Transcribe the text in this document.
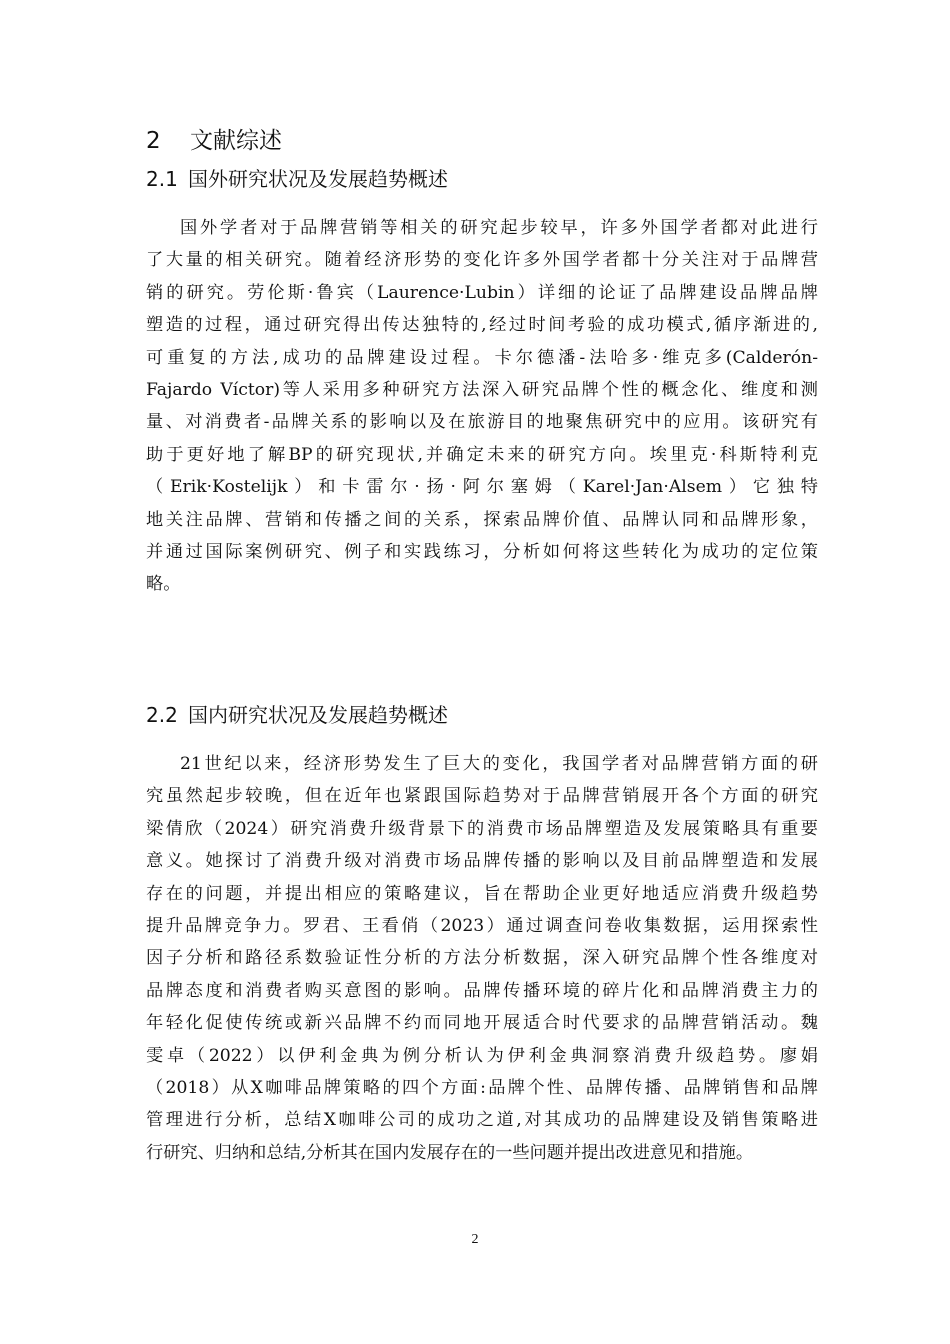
2 文献综述
2.1 国外研究状况及发展趋势概述
国外学者对于品牌营销等相关的研究起步较早，许多外国学者都对此进行
了大量的相关研究。随着经济形势的变化许多外国学者都十分关注对于品牌营
销的研究。劳伦斯·鲁宾（Laurence·Lubin）详细的论证了品牌建设品牌品牌
塑造的过程，通过研究得出传达独特的,经过时间考验的成功模式,循序渐进的,
可重复的方法,成功的品牌建设过程。卡尔德潘-法哈多·维克多(Calderón-
Fajardo Víctor)等人采用多种研究方法深入研究品牌个性的概念化、维度和测
量、对消费者-品牌关系的影响以及在旅游目的地聚焦研究中的应用。该研究有
助于更好地了解BP的研究现状,并确定未来的研究方向。埃里克·科斯特利克
（Erik·Kostelijk）和卡雷尔·扬·阿尔塞姆（Karel·Jan·Alsem）它独特
地关注品牌、营销和传播之间的关系，探索品牌价值、品牌认同和品牌形象，
并通过国际案例研究、例子和实践练习，分析如何将这些转化为成功的定位策
略。
2.2 国内研究状况及发展趋势概述
21世纪以来，经济形势发生了巨大的变化，我国学者对品牌营销方面的研
究虽然起步较晚，但在近年也紧跟国际趋势对于品牌营销展开各个方面的研究
梁倩欣（2024）研究消费升级背景下的消费市场品牌塑造及发展策略具有重要
意义。她探讨了消费升级对消费市场品牌传播的影响以及目前品牌塑造和发展
存在的问题，并提出相应的策略建议，旨在帮助企业更好地适应消费升级趋势
提升品牌竞争力。罗君、王看俏（2023）通过调查问卷收集数据，运用探索性
因子分析和路径系数验证性分析的方法分析数据，深入研究品牌个性各维度对
品牌态度和消费者购买意图的影响。品牌传播环境的碎片化和品牌消费主力的
年轻化促使传统或新兴品牌不约而同地开展适合时代要求的品牌营销活动。魏
雯卓（2022）以伊利金典为例分析认为伊利金典洞察消费升级趋势。廖娟
（2018）从X咖啡品牌策略的四个方面:品牌个性、品牌传播、品牌销售和品牌
管理进行分析，总结X咖啡公司的成功之道,对其成功的品牌建设及销售策略进
行研究、归纳和总结,分析其在国内发展存在的一些问题并提出改进意见和措施。
2
